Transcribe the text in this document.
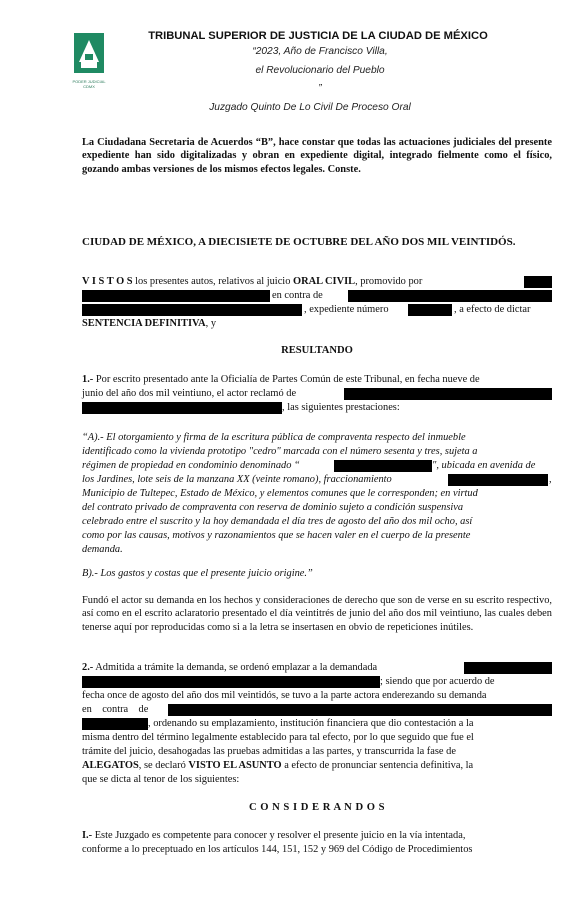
PODER JUDICIAL CDMX
TRIBUNAL SUPERIOR DE JUSTICIA DE LA CIUDAD DE MÉXICO
“2023, Año de Francisco Villa,
el Revolucionario del Pueblo
”
Juzgado Quinto De Lo Civil De Proceso Oral
La Ciudadana Secretaria de Acuerdos “B”, hace constar que todas las actuaciones judiciales del presente expediente han sido digitalizadas y obran en expediente digital, integrado fielmente como el físico, gozando ambas versiones de los mismos efectos legales. Conste.
CIUDAD DE MÉXICO, A DIECISIETE DE OCTUBRE DEL AÑO DOS MIL VEINTIDÓS.
V I S T O S los presentes autos, relativos al juicio ORAL CIVIL, promovido por
en contra de
, expediente número	, a efecto de dictar
SENTENCIA DEFINITIVA, y
RESULTANDO
1.- Por escrito presentado ante la Oficialía de Partes Común de este Tribunal, en fecha nueve de
junio del año dos mil veintiuno, el actor reclamó de
, las siguientes prestaciones:
“A).- El otorgamiento y firma de la escritura pública de compraventa respecto del inmueble
identificado como la vivienda prototipo "cedro" marcada con el número sesenta y tres, sujeta a
régimen de propiedad en condominio denominado “	", ubicada en avenida de
los Jardines, lote seis de la manzana XX (veinte romano), fraccionamiento	,
Municipio de Tultepec, Estado de México, y elementos comunes que le corresponden; en virtud
del contrato privado de compraventa con reserva de dominio sujeto a condición suspensiva
celebrado entre el suscrito y la hoy demandada el día tres de agosto del año dos mil ocho, así
como por las causas, motivos y razonamientos que se hacen valer en el cuerpo de la presente
demanda.
B).- Los gastos y costas que el presente juicio origine.”
Fundó el actor su demanda en los hechos y consideraciones de derecho que son de verse en su escrito respectivo, así como en el escrito aclaratorio presentado el día veintitrés de junio del año dos mil veintiuno, las cuales deben tenerse aquí por reproducidas como si a la letra se insertasen en obvio de repeticiones inútiles.
2.- Admitida a trámite la demanda, se ordenó emplazar a la demandada
; siendo que por acuerdo de
fecha once de agosto del año dos mil veintidós, se tuvo a la parte actora enderezando su demanda
en    contra    de
, ordenando su emplazamiento, institución financiera que dio contestación a la
misma dentro del término legalmente establecido para tal efecto, por lo que seguido que fue el
trámite del juicio, desahogadas las pruebas admitidas a las partes, y transcurrida la fase de
ALEGATOS, se declaró VISTO EL ASUNTO a efecto de pronunciar sentencia definitiva, la
que se dicta al tenor de los siguientes:
C O N S I D E R A N D O S
I.- Este Juzgado es competente para conocer y resolver el presente juicio en la vía intentada,
conforme a lo preceptuado en los artículos 144, 151, 152 y 969 del Código de Procedimientos
